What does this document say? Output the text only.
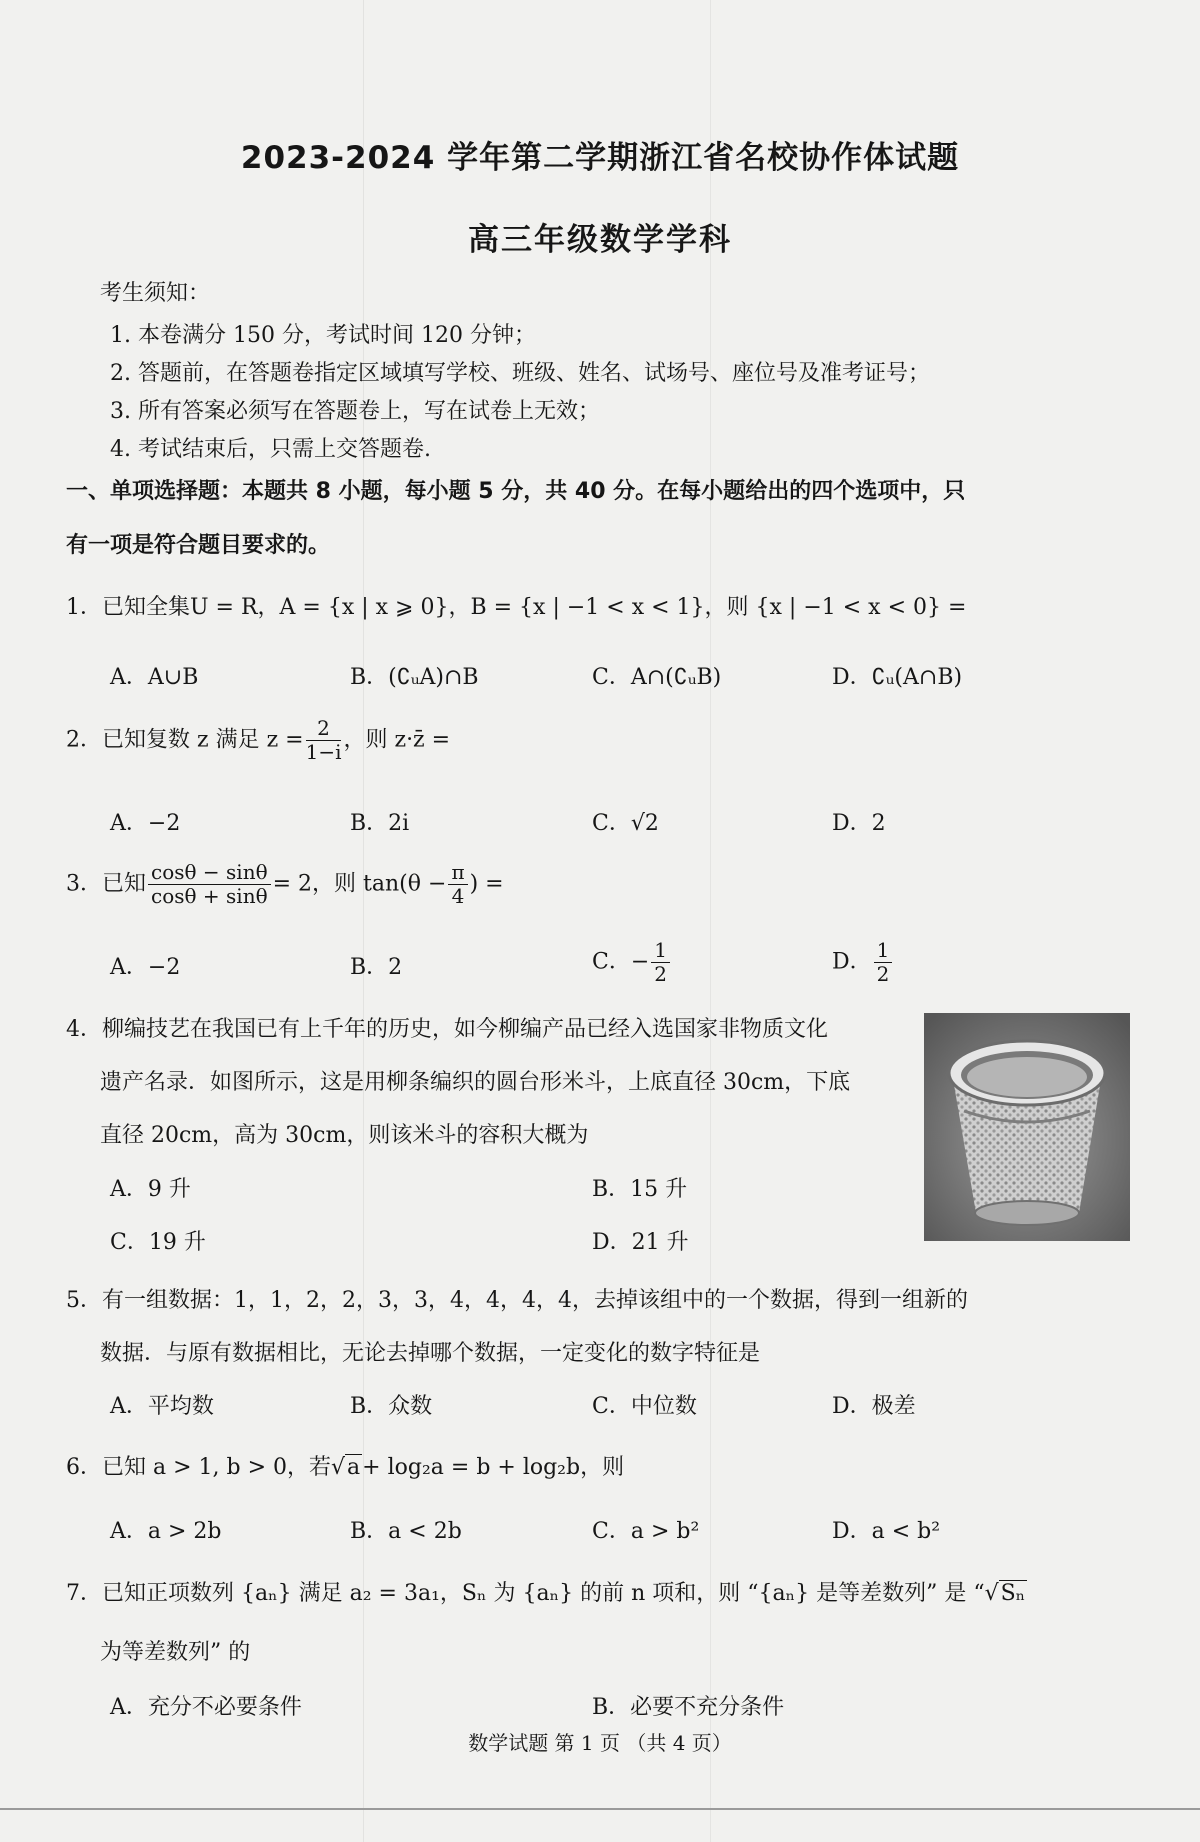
2023-2024 学年第二学期浙江省名校协作体试题
高三年级数学学科
考生须知：
1. 本卷满分 150 分，考试时间 120 分钟；
2. 答题前，在答题卷指定区域填写学校、班级、姓名、试场号、座位号及准考证号；
3. 所有答案必须写在答题卷上，写在试卷上无效；
4. 考试结束后，只需上交答题卷.
一、单项选择题：本题共 8 小题，每小题 5 分，共 40 分。在每小题给出的四个选项中，只
有一项是符合题目要求的。
1．已知全集U = R，A = {x | x ⩾ 0}，B = {x | −1 < x < 1}，则 {x | −1 < x < 0} =
A．A∪B	B．(∁ᵤA)∩B	C．A∩(∁ᵤB)	D．∁ᵤ(A∩B)
2．已知复数 z 满足 $z = \frac{2}{1-i}$ ，则 z·z̄ =
A．−2	B．2i	C．√2	D．2
3．已知 $\frac{\cos\theta - \sin\theta}{\cos\theta + \sin\theta} = 2$，则 $\tan(\theta - \frac{\pi}{4}$ ) =
A．−2	B．2	C．− $\frac{1}{2}$	D． $\frac{1}{2}$
4．柳编技艺在我国已有上千年的历史，如今柳编产品已经入选国家非物质文化
遗产名录．如图所示，这是用柳条编织的圆台形米斗，上底直径 30cm，下底
直径 20cm，高为 30cm，则该米斗的容积大概为
A．9 升	B．15 升
C．19 升	D．21 升
5．有一组数据：1，1，2，2，3，3，4，4，4，4，去掉该组中的一个数据，得到一组新的
数据．与原有数据相比，无论去掉哪个数据，一定变化的数字特征是
A．平均数	B．众数	C．中位数	D．极差
6．已知 a > 1, b > 0，若√a+ log₂a = b + log₂b，则
A．a > 2b	B．a < 2b	C．a > b²	D．a < b²
7．已知正项数列 {aₙ} 满足 a₂ = 3a₁，Sₙ 为 {aₙ} 的前 n 项和，则 “{aₙ} 是等差数列” 是 “√Sₙ
为等差数列” 的
A．充分不必要条件	B．必要不充分条件
数学试题 第 1 页 （共 4 页）
